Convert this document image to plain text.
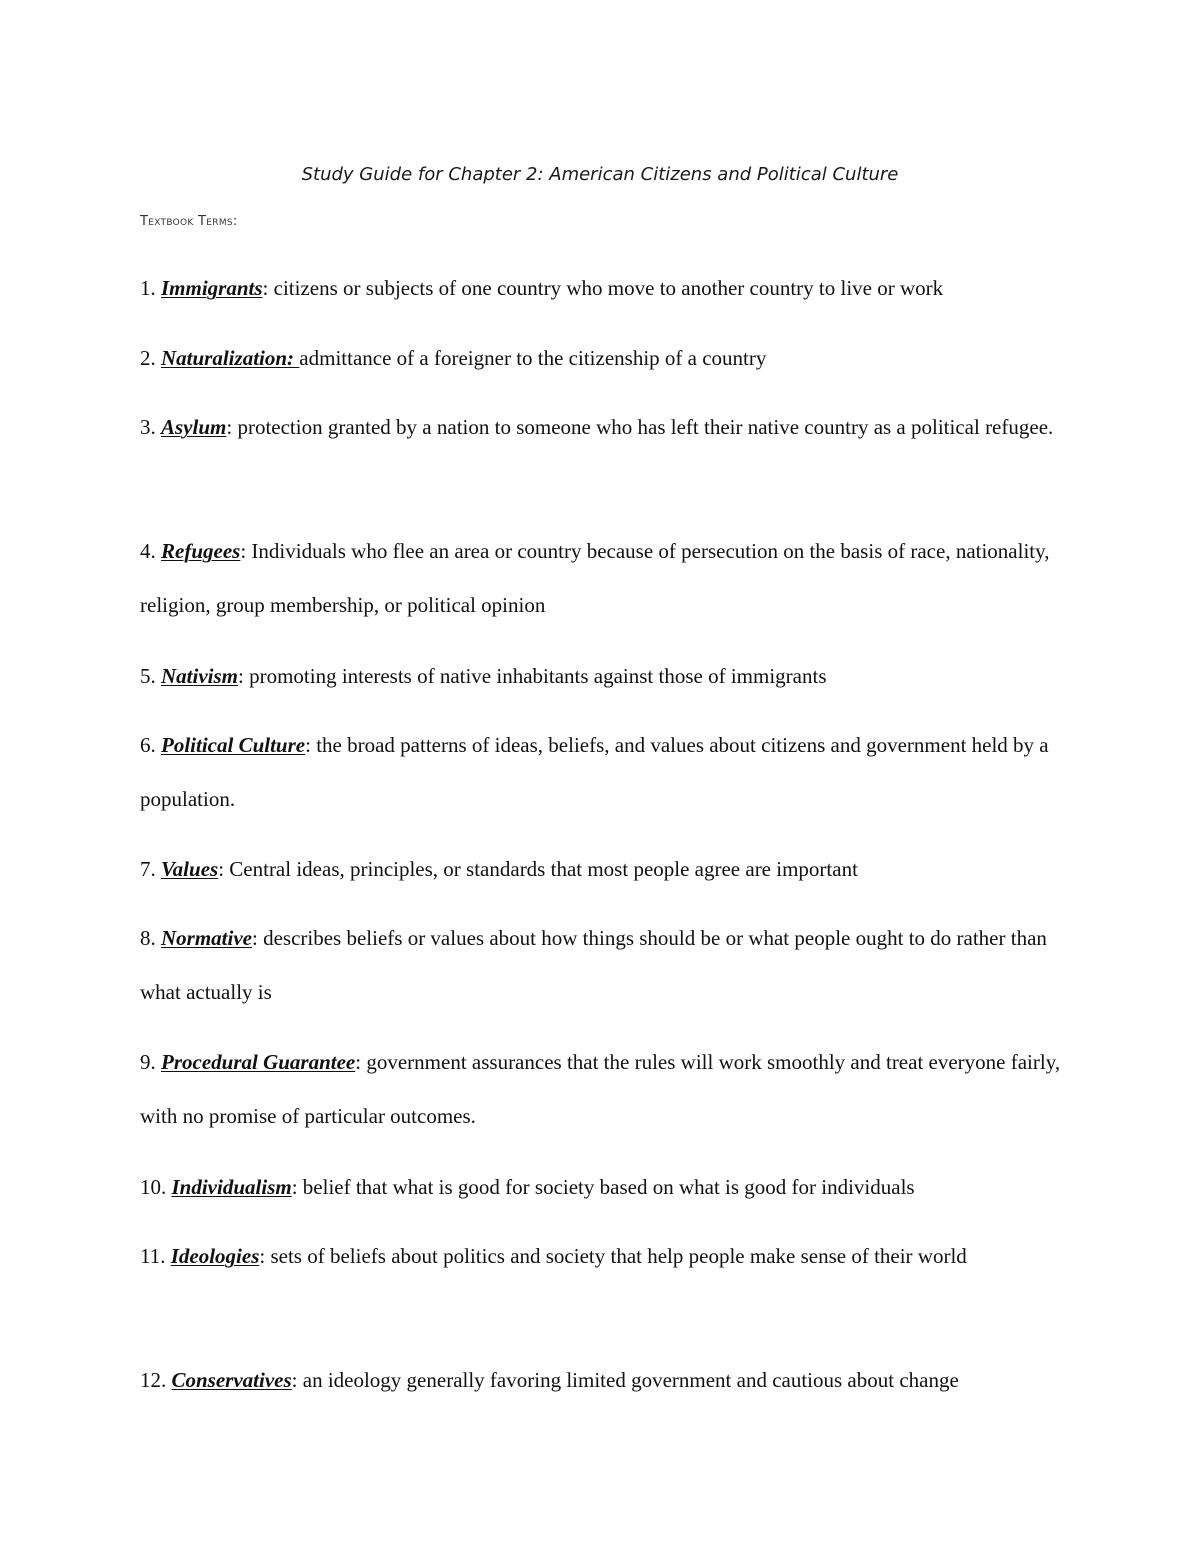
Study Guide for Chapter 2: American Citizens and Political Culture
Textbook Terms:
1. Immigrants: citizens or subjects of one country who move to another country to live or work
2. Naturalization: admittance of a foreigner to the citizenship of a country
3. Asylum: protection granted by a nation to someone who has left their native country as a political refugee.
4. Refugees: Individuals who flee an area or country because of persecution on the basis of race, nationality, religion, group membership, or political opinion
5. Nativism: promoting interests of native inhabitants against those of immigrants
6. Political Culture: the broad patterns of ideas, beliefs, and values about citizens and government held by a population.
7. Values: Central ideas, principles, or standards that most people agree are important
8. Normative: describes beliefs or values about how things should be or what people ought to do rather than what actually is
9. Procedural Guarantee: government assurances that the rules will work smoothly and treat everyone fairly, with no promise of particular outcomes.
10. Individualism: belief that what is good for society based on what is good for individuals
11. Ideologies: sets of beliefs about politics and society that help people make sense of their world
12. Conservatives: an ideology generally favoring limited government and cautious about change
